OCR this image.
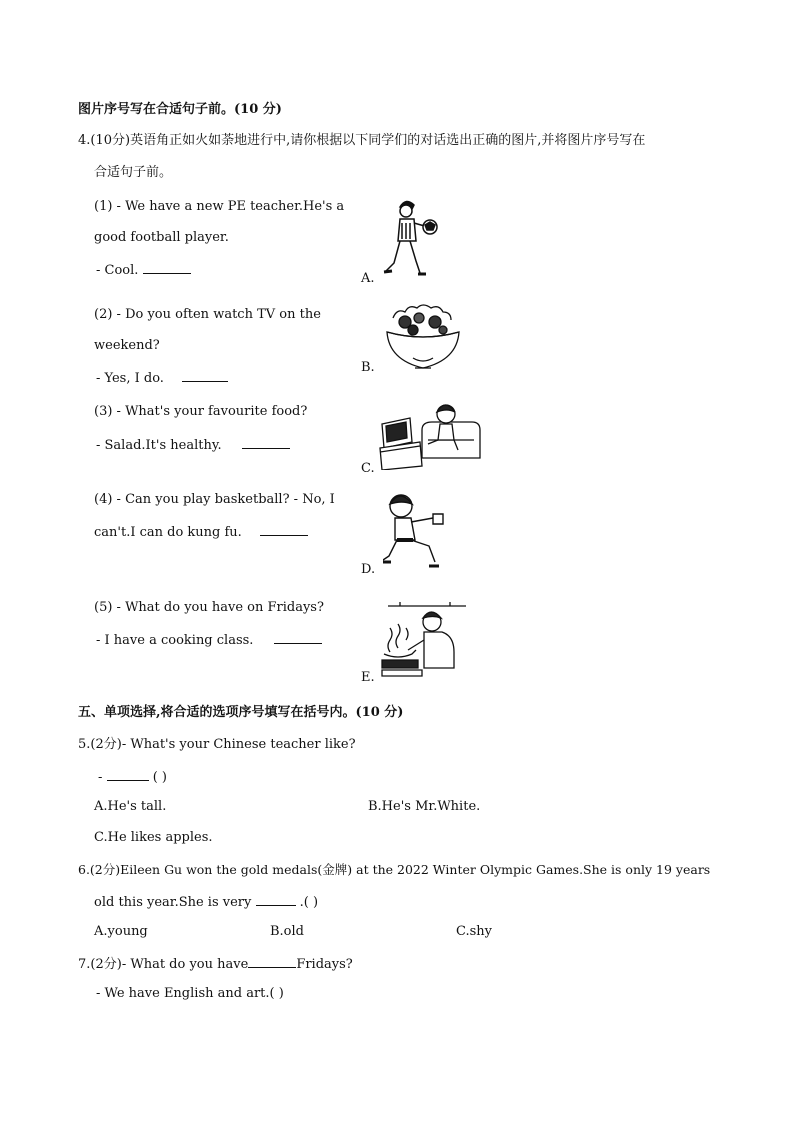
图片序号写在合适句子前。(10 分)
4.(10分)英语角正如火如荼地进行中,请你根据以下同学们的对话选出正确的图片,并将图片序号写在
合适句子前。
(1) - We have a new PE teacher.He's a
good football player.
- Cool.
(2) - Do you often watch TV on the
weekend?
- Yes, I do.
(3) - What's your favourite food?
- Salad.It's healthy.
(4) - Can you play basketball? - No, I
can't.I can do kung fu.
(5) - What do you have on Fridays?
- I have a cooking class.
A.
B.
C.
D.
E.
五、单项选择,将合适的选项序号填写在括号内。(10 分)
5.(2分)- What's your Chinese teacher like?
-	( )
A.He's tall.	B.He's Mr.White.
C.He likes apples.
6.(2分)Eileen Gu won the gold medals(金牌) at the 2022 Winter Olympic Games.She is only 19 years
old this year.She is very	.( )
A.young	B.old	C.shy
7.(2分)- What do you have	Fridays?
- We have English and art.( )
